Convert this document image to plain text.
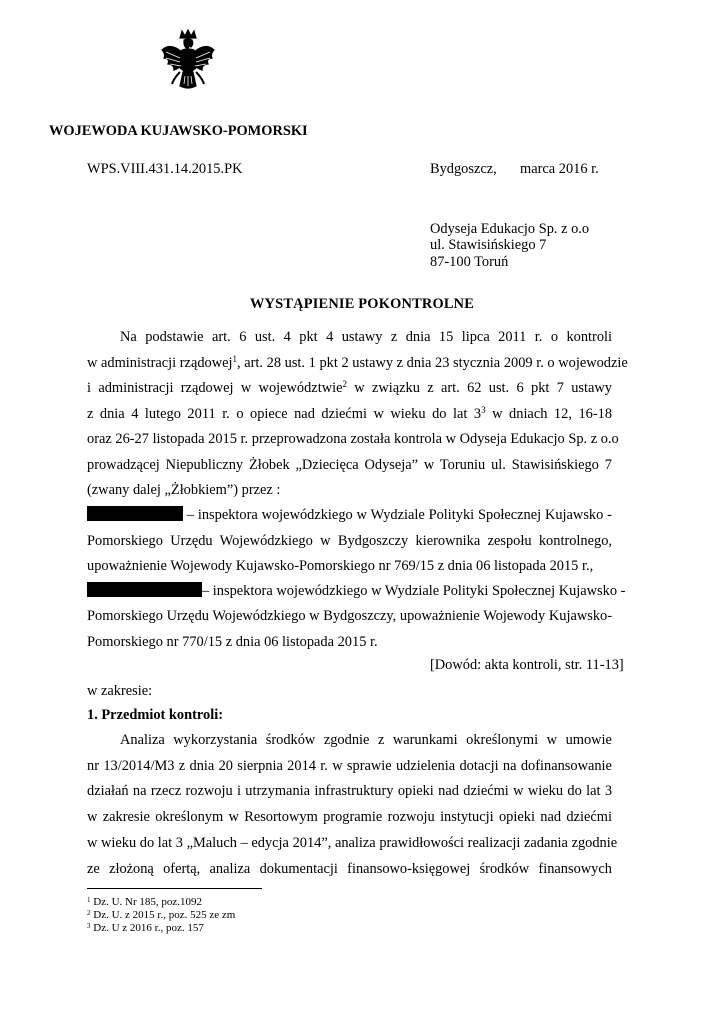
WOJEWODA KUJAWSKO-POMORSKI
WPS.VIII.431.14.2015.PK	Bydgoszcz, marca 2016 r.
Odyseja Edukacjo Sp. z o.o
ul. Stawisińskiego 7
87-100 Toruń
WYSTĄPIENIE POKONTROLNE
Na podstawie art. 6 ust. 4 pkt 4 ustawy z dnia 15 lipca 2011 r. o kontroli
w administracji rządowej$^1$, art. 28 ust. 1 pkt 2 ustawy z dnia 23 stycznia 2009 r. o wojewodzie
i administracji rządowej w województwie$^2$ w związku z art. 62 ust. 6 pkt 7 ustawy
z dnia 4 lutego 2011 r. o opiece nad dziećmi w wieku do lat $3^3$ w dniach 12, 16-18
oraz 26-27 listopada 2015 r. przeprowadzona została kontrola w Odyseja Edukacjo Sp. z o.o
prowadzącej Niepubliczny Żłobek „Dziecięca Odyseja” w Toruniu ul. Stawisińskiego 7
(zwany dalej „Żłobkiem”) przez :
– inspektora wojewódzkiego w Wydziale Polityki Społecznej Kujawsko -
Pomorskiego Urzędu Wojewódzkiego w Bydgoszczy kierownika zespołu kontrolnego,
upoważnienie Wojewody Kujawsko-Pomorskiego nr 769/15 z dnia 06 listopada 2015 r.,
– inspektora wojewódzkiego w Wydziale Polityki Społecznej Kujawsko -
Pomorskiego Urzędu Wojewódzkiego w Bydgoszczy, upoważnienie Wojewody Kujawsko-
Pomorskiego nr 770/15 z dnia 06 listopada 2015 r.
[Dowód: akta kontroli, str. 11-13]
w zakresie:
1. Przedmiot kontroli:
Analiza wykorzystania środków zgodnie z warunkami określonymi w umowie
nr 13/2014/M3 z dnia 20 sierpnia 2014 r. w sprawie udzielenia dotacji na dofinansowanie
działań na rzecz rozwoju i utrzymania infrastruktury opieki nad dziećmi w wieku do lat 3
w zakresie określonym w Resortowym programie rozwoju instytucji opieki nad dziećmi
w wieku do lat 3 „Maluch – edycja 2014”, analiza prawidłowości realizacji zadania zgodnie
ze złożoną ofertą, analiza dokumentacji finansowo-księgowej środków finansowych
$^1$ Dz. U. Nr 185, poz.1092
$^2$ Dz. U. z 2015 r., poz. 525 ze zm
$^3$ Dz. U z 2016 r., poz. 157
